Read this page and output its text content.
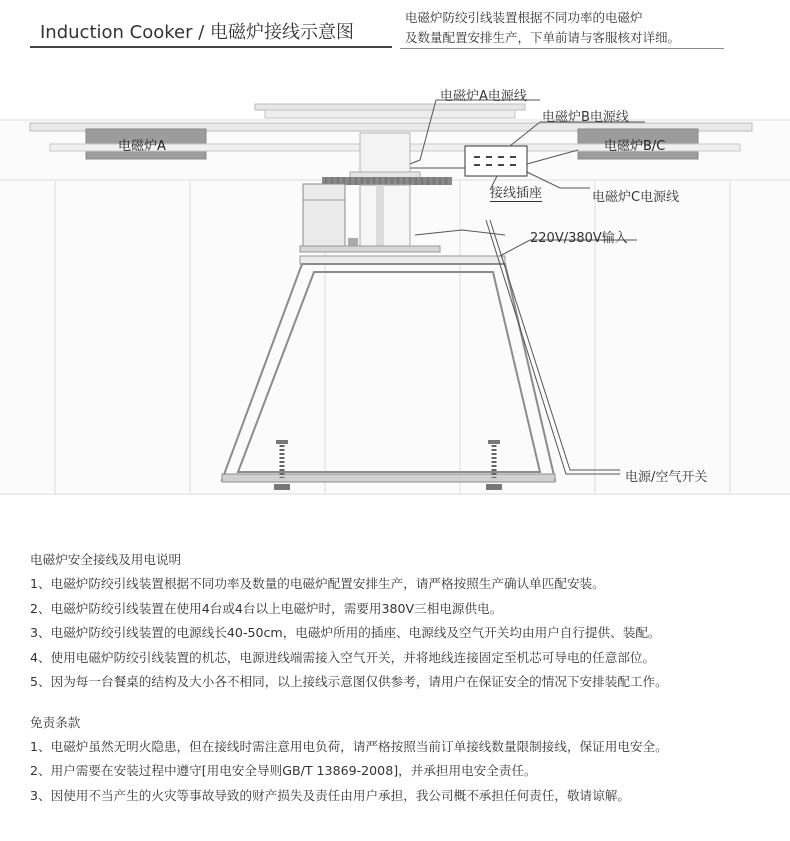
Induction Cooker / 电磁炉接线示意图
电磁炉防绞引线装置根据不同功率的电磁炉
及数量配置安排生产，下单前请与客服核对详细。
电磁炉A	电磁炉B/C
电磁炉A电源线
电磁炉B电源线
接线插座	电磁炉C电源线
220V/380V输入
电源/空气开关
电磁炉安全接线及用电说明
1、电磁炉防绞引线装置根据不同功率及数量的电磁炉配置安排生产，请严格按照生产确认单匹配安装。
2、电磁炉防绞引线装置在使用4台或4台以上电磁炉时，需要用380V三相电源供电。
3、电磁炉防绞引线装置的电源线长40-50cm，电磁炉所用的插座、电源线及空气开关均由用户自行提供、装配。
4、使用电磁炉防绞引线装置的机芯，电源进线端需接入空气开关，并将地线连接固定至机芯可导电的任意部位。
5、因为每一台餐桌的结构及大小各不相同，以上接线示意图仅供参考，请用户在保证安全的情况下安排装配工作。
免责条款
1、电磁炉虽然无明火隐患，但在接线时需注意用电负荷，请严格按照当前订单接线数量限制接线，保证用电安全。
2、用户需要在安装过程中遵守[用电安全导则GB/T 13869-2008]，并承担用电安全责任。
3、因使用不当产生的火灾等事故导致的财产损失及责任由用户承担，我公司概不承担任何责任，敬请谅解。
